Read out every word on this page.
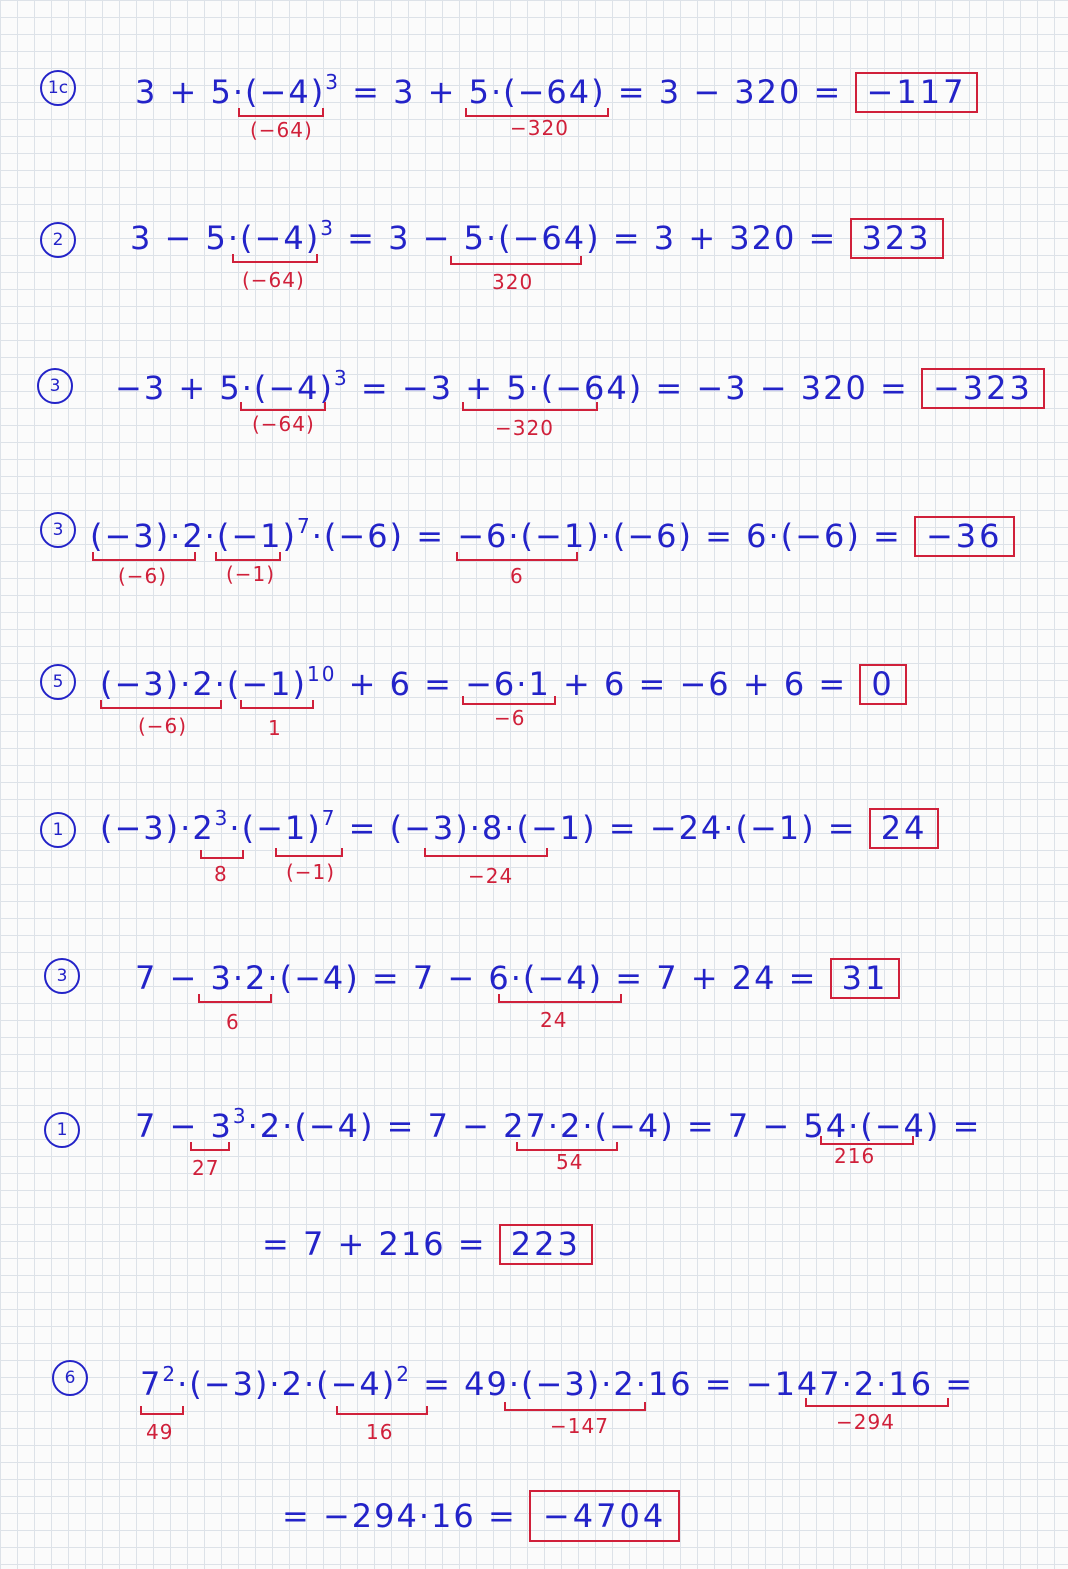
1c $3 + 5\cdot(-4)^3 = 3 + 5\cdot(-64) = 3 - 320 = -117$
(−64)	−320
2	$3 - 5\cdot(-4)^3 = 3 - 5\cdot(-64) = 3 + 320 = 323$
(−64)	320
3	$-3 + 5\cdot(-4)^3 = -3 + 5\cdot(-64) = -3 - 320 = -323$
(−64)	−320
3 $(-3)\cdot 2\cdot(-1)^7\cdot(-6) = -6\cdot(-1)\cdot(-6) = 6\cdot(-6) = -36$
(−6)	(−1)	6
5	$(-3)\cdot 2\cdot(-1)^{10} + 6 = -6\cdot 1 + 6 = -6 + 6 = 0$
(−6)	1	−6
1	$(-3)\cdot 2^3\cdot(-1)^7 = (-3)\cdot 8\cdot(-1) = -24\cdot(-1) = 24$
8	(−1)	−24
3	7 − 3·2·(−4) = 7 − 6·(−4) = 7 + 24 = 31
6	24
1	$7 - 3^3\cdot 2\cdot(-4) = 7 - 27\cdot 2\cdot(-4) = 7 - 54\cdot(-4)$ =
27	54	216
= 7 + 216 = 223
6	$7^2\cdot(-3)\cdot 2\cdot(-4)^2 = 49\cdot(-3)\cdot 2\cdot 16 = -147\cdot 2\cdot 16$ =
49	16	−147	−294
= −294·16 = −4704
